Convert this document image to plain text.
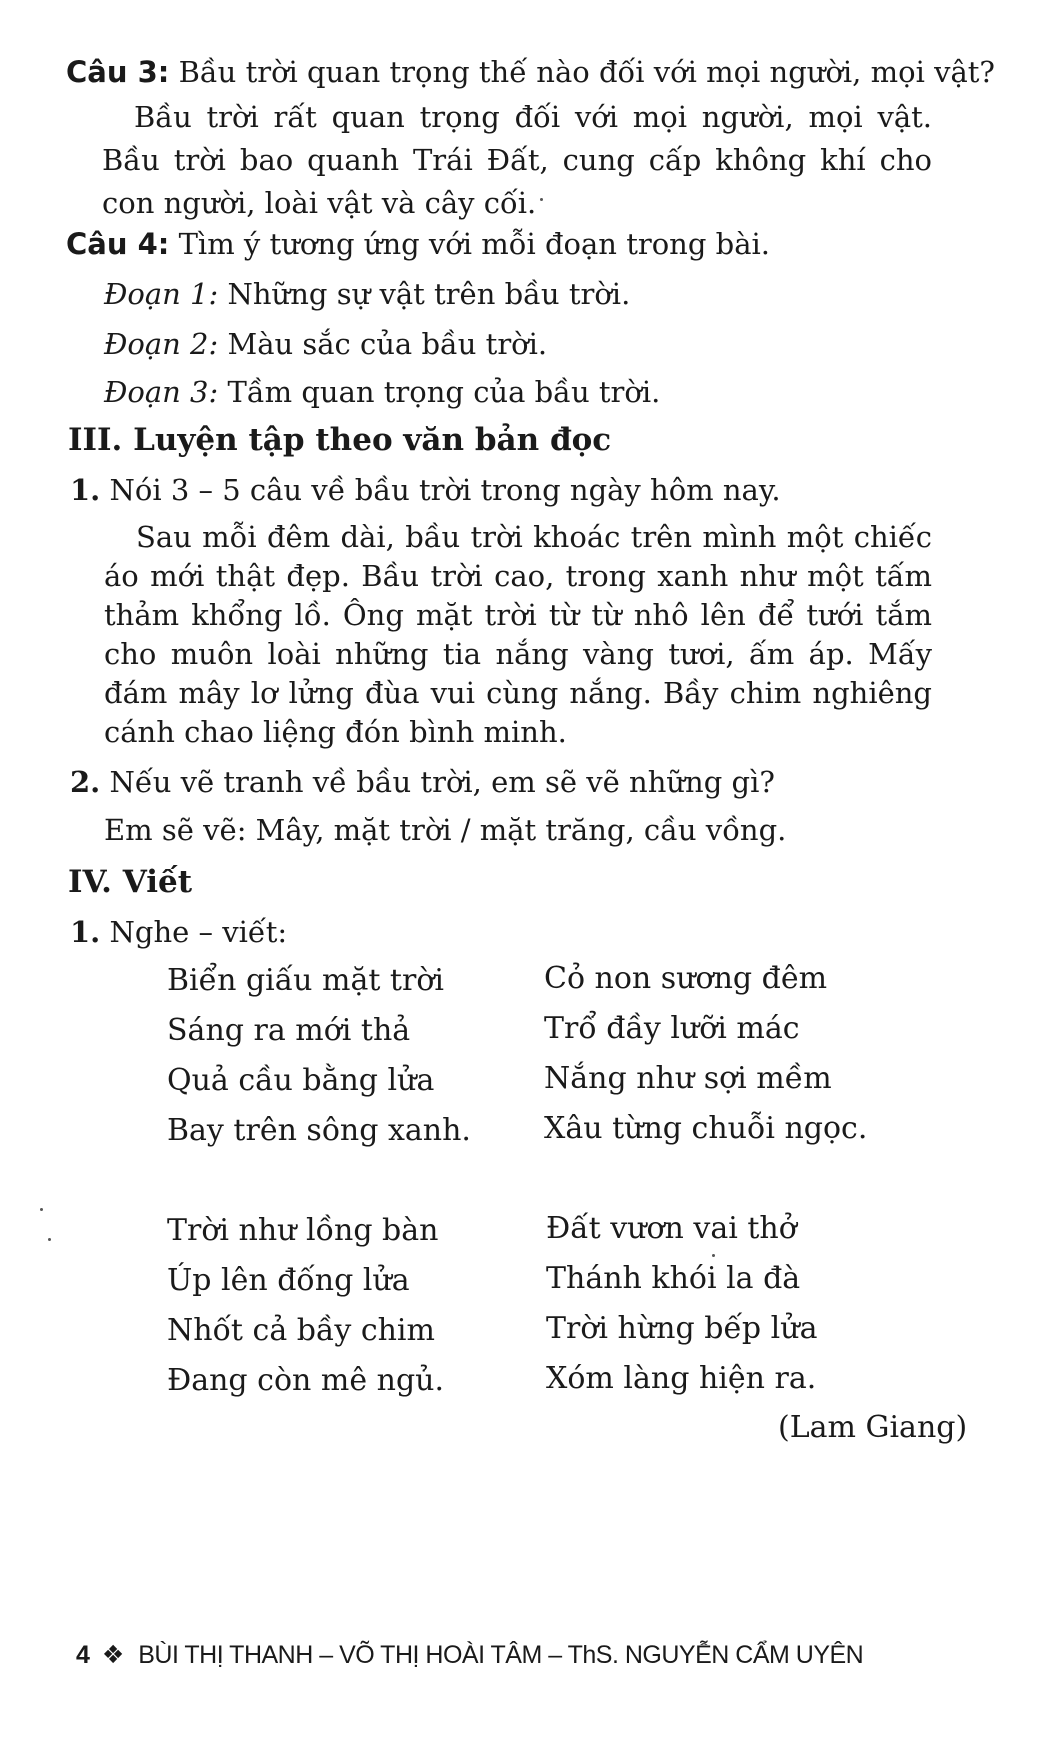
Câu 3: Bầu trời quan trọng thế nào đối với mọi người, mọi vật?
Bầu trời rất quan trọng đối với mọi người, mọi vật. Bầu trời bao quanh Trái Đất, cung cấp không khí cho con người, loài vật và cây cối.
Câu 4: Tìm ý tương ứng với mỗi đoạn trong bài.
Đoạn 1: Những sự vật trên bầu trời.
Đoạn 2: Màu sắc của bầu trời.
Đoạn 3: Tầm quan trọng của bầu trời.
III. Luyện tập theo văn bản đọc
1. Nói 3 – 5 câu về bầu trời trong ngày hôm nay.
Sau mỗi đêm dài, bầu trời khoác trên mình một chiếc áo mới thật đẹp. Bầu trời cao, trong xanh như một tấm thảm khổng lồ. Ông mặt trời từ từ nhô lên để tưới tắm cho muôn loài những tia nắng vàng tươi, ấm áp. Mấy đám mây lơ lửng đùa vui cùng nắng. Bầy chim nghiêng cánh chao liệng đón bình minh.
2. Nếu vẽ tranh về bầu trời, em sẽ vẽ những gì?
Em sẽ vẽ: Mây, mặt trời / mặt trăng, cầu vồng.
IV. Viết
1. Nghe – viết:
Biển giấu mặt trời
Sáng ra mới thả
Quả cầu bằng lửa
Bay trên sông xanh.
Cỏ non sương đêm
Trổ đầy lưỡi mác
Nắng như sợi mềm
Xâu từng chuỗi ngọc.
Trời như lồng bàn
Úp lên đống lửa
Nhốt cả bầy chim
Đang còn mê ngủ.
Đất vươn vai thở
Thánh khói la đà
Trời hừng bếp lửa
Xóm làng hiện ra.
(Lam Giang)
4 ❖ BÙI THỊ THANH – VÕ THỊ HOÀI TÂM – ThS. NGUYỄN CẨM UYÊN
